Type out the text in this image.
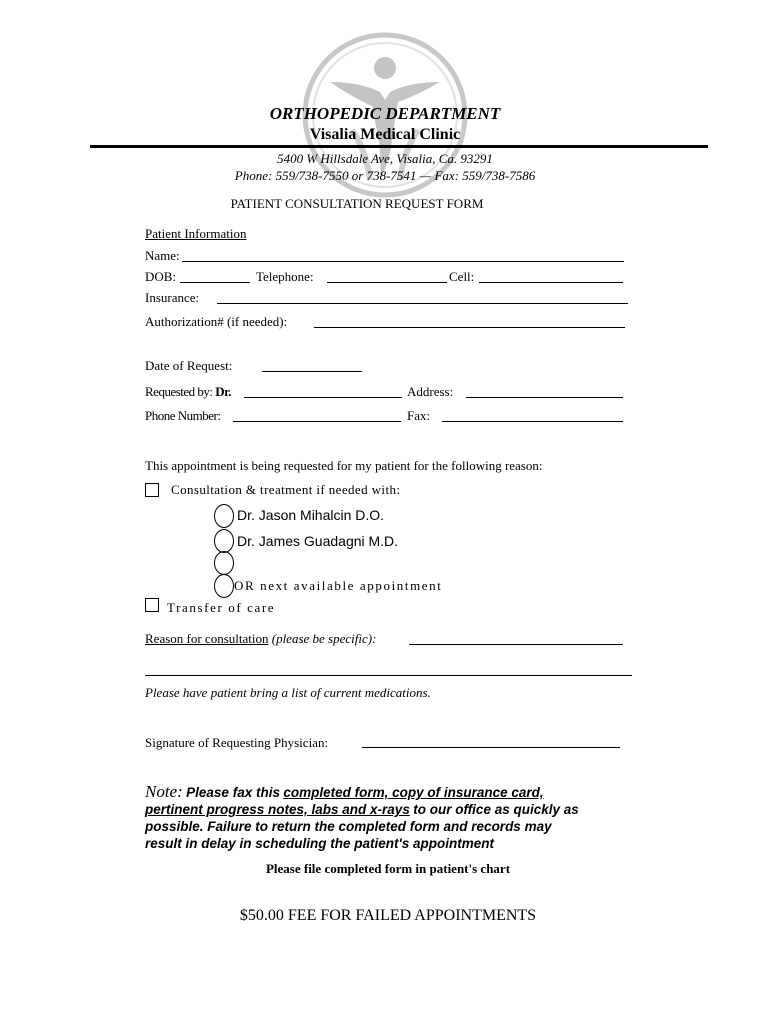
ORTHOPEDIC DEPARTMENT
Visalia Medical Clinic
5400 W Hillsdale Ave, Visalia, Ca. 93291
Phone: 559/738-7550 or 738-7541 — Fax: 559/738-7586
PATIENT CONSULTATION REQUEST FORM
Patient Information
Name:
DOB:	Telephone:	Cell:
Insurance:
Authorization# (if needed):
Date of Request:
Requested by: Dr.	Address:
Phone Number:	Fax:
This appointment is being requested for my patient for the following reason:
Consultation & treatment if needed with:
Dr. Jason Mihalcin D.O.
Dr. James Guadagni M.D.
OR next available appointment
Transfer of care
Reason for consultation (please be specific):
Please have patient bring a list of current medications.
Signature of Requesting Physician:
Note: Please fax this completed form, copy of insurance card,
pertinent progress notes, labs and x-rays to our office as quickly as
possible. Failure to return the completed form and records may
result in delay in scheduling the patient's appointment
Please file completed form in patient's chart
$50.00 FEE FOR FAILED APPOINTMENTS
